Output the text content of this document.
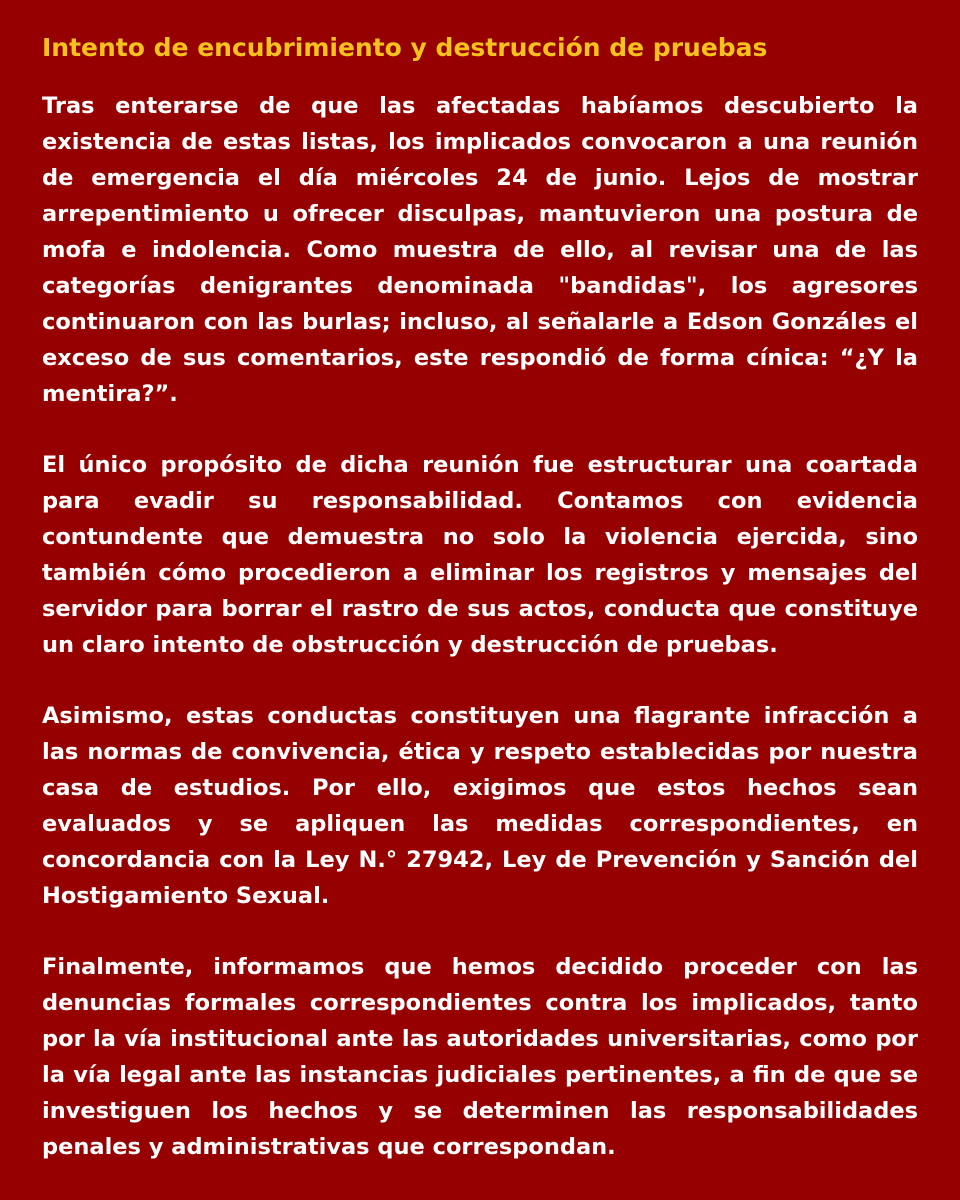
Intento de encubrimiento y destrucción de pruebas

Tras enterarse de que las afectadas habíamos descubierto la existencia de estas listas, los implicados convocaron a una reunión de emergencia el día miércoles 24 de junio. Lejos de mostrar arrepentimiento u ofrecer disculpas, mantuvieron una postura de mofa e indolencia. Como muestra de ello, al revisar una de las categorías denigrantes denominada "bandidas", los agresores continuaron con las burlas; incluso, al señalarle a Edson Gonzáles el exceso de sus comentarios, este respondió de forma cínica: “¿Y la mentira?”.

El único propósito de dicha reunión fue estructurar una coartada para evadir su responsabilidad. Contamos con evidencia contundente que demuestra no solo la violencia ejercida, sino también cómo procedieron a eliminar los registros y mensajes del servidor para borrar el rastro de sus actos, conducta que constituye un claro intento de obstrucción y destrucción de pruebas.

Asimismo, estas conductas constituyen una flagrante infracción a las normas de convivencia, ética y respeto establecidas por nuestra casa de estudios. Por ello, exigimos que estos hechos sean evaluados y se apliquen las medidas correspondientes, en concordancia con la Ley N.° 27942, Ley de Prevención y Sanción del Hostigamiento Sexual.

Finalmente, informamos que hemos decidido proceder con las denuncias formales correspondientes contra los implicados, tanto por la vía institucional ante las autoridades universitarias, como por la vía legal ante las instancias judiciales pertinentes, a fin de que se investiguen los hechos y se determinen las responsabilidades penales y administrativas que correspondan.
